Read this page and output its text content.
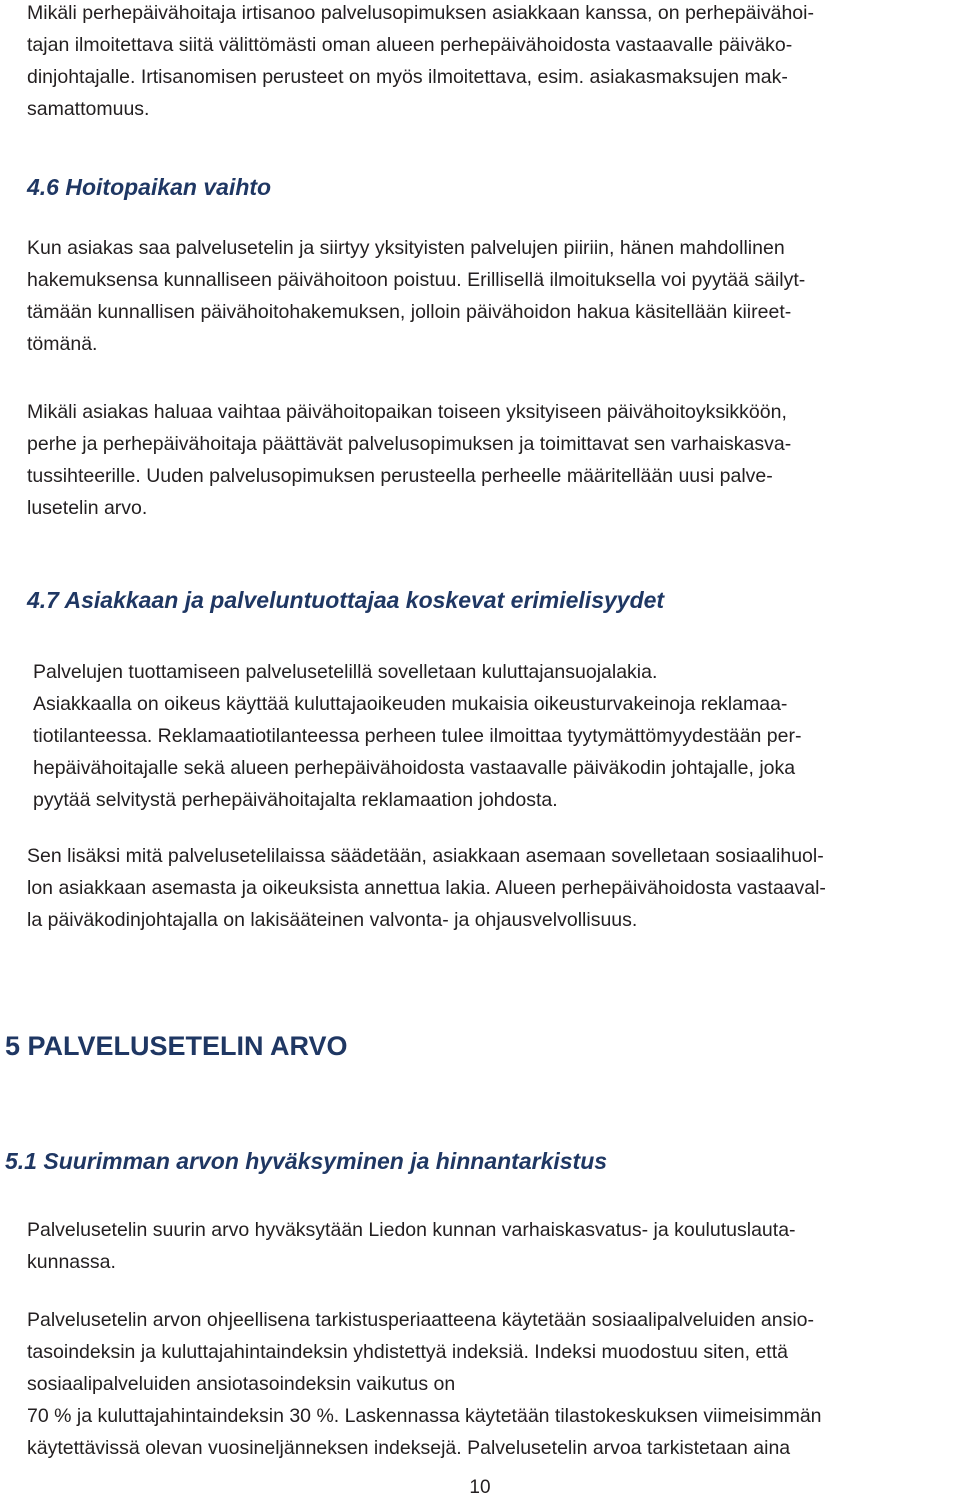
Mikäli perhepäivähoitaja irtisanoo palvelusopimuksen asiakkaan kanssa, on perhepäivähoi-
tajan ilmoitettava siitä välittömästi oman alueen perhepäivähoidosta vastaavalle päiväko-
dinjohtajalle. Irtisanomisen perusteet on myös ilmoitettava, esim. asiakasmaksujen mak-
samattomuus.

4.6 Hoitopaikan vaihto

Kun asiakas saa palvelusetelin ja siirtyy yksityisten palvelujen piiriin, hänen mahdollinen
hakemuksensa kunnalliseen päivähoitoon poistuu. Erillisellä ilmoituksella voi pyytää säilyt-
tämään kunnallisen päivähoitohakemuksen, jolloin päivähoidon hakua käsitellään kiireet-
tömänä.

Mikäli asiakas haluaa vaihtaa päivähoitopaikan toiseen yksityiseen päivähoitoyksikköön,
perhe ja perhepäivähoitaja päättävät palvelusopimuksen ja toimittavat sen varhaiskasva-
tussihteerille. Uuden palvelusopimuksen perusteella perheelle määritellään uusi palve-
lusetelin arvo.

4.7 Asiakkaan ja palveluntuottajaa koskevat erimielisyydet

Palvelujen tuottamiseen palvelusetelillä sovelletaan kuluttajansuojalakia.
Asiakkaalla on oikeus käyttää kuluttajaoikeuden mukaisia oikeusturvakeinoja reklamaa-
tiotilanteessa. Reklamaatiotilanteessa perheen tulee ilmoittaa tyytymättömyydestään per-
hepäivähoitajalle sekä alueen perhepäivähoidosta vastaavalle päiväkodin johtajalle, joka
pyytää selvitystä perhepäivähoitajalta reklamaation johdosta.

Sen lisäksi mitä palvelusetelilaissa säädetään, asiakkaan asemaan sovelletaan sosiaalihuol-
lon asiakkaan asemasta ja oikeuksista annettua lakia. Alueen perhepäivähoidosta vastaaval-
la päiväkodinjohtajalla on lakisääteinen valvonta- ja ohjausvelvollisuus.

5 PALVELUSETELIN ARVO
5.1 Suurimman arvon hyväksyminen ja hinnantarkistus

Palvelusetelin suurin arvo hyväksytään Liedon kunnan varhaiskasvatus- ja koulutuslauta-
kunnassa.

Palvelusetelin arvon ohjeellisena tarkistusperiaatteena käytetään sosiaalipalveluiden ansio-
tasoindeksin ja kuluttajahintaindeksin yhdistettyä indeksiä. Indeksi muodostuu siten, että
sosiaalipalveluiden ansiotasoindeksin vaikutus on
70 % ja kuluttajahintaindeksin 30 %. Laskennassa käytetään tilastokeskuksen viimeisimmän
käytettävissä olevan vuosineljänneksen indeksejä. Palvelusetelin arvoa tarkistetaan aina

10
